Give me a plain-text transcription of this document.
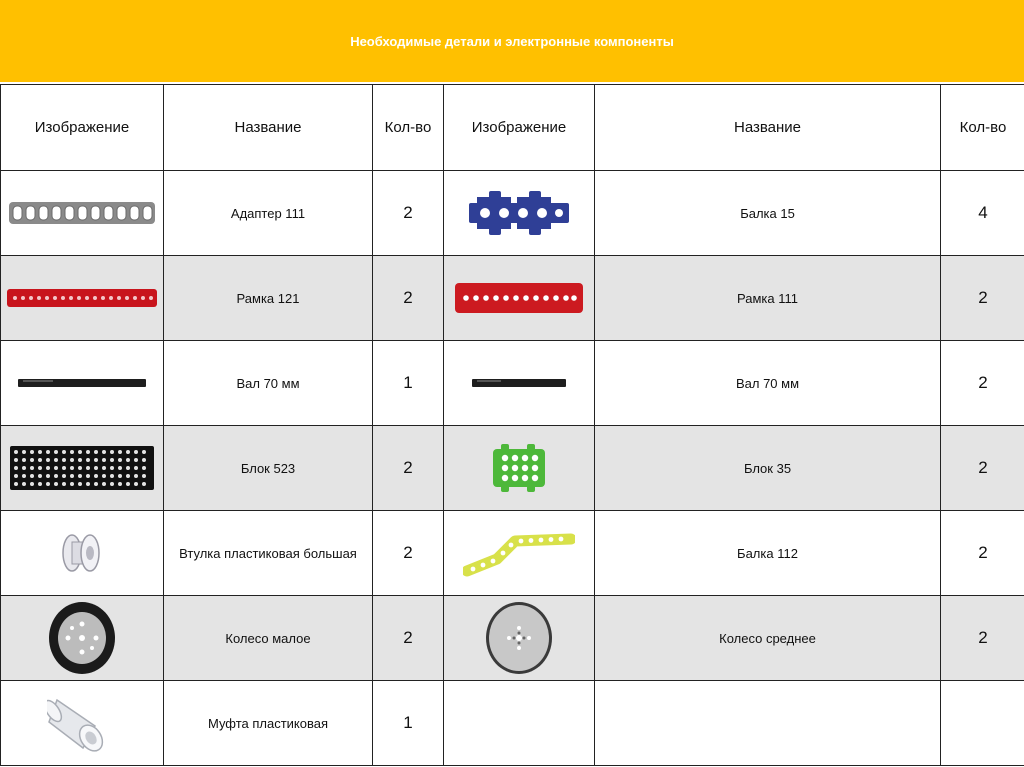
Необходимые детали и электронные компоненты
Изображение	Название	Кол-во	Изображение	Название	Кол-во

	Адаптер 111	2		Балка 15	4

	Рамка 121	2		Рамка 111	2

	Вал 70 мм	1		Вал 70 мм	2

	Блок 523	2		Блок 35	2

	Втулка пластиковая большая	2		Балка 112	2

	Колесо малое	2		Колесо среднее	2

	Муфта пластиковая	1			
